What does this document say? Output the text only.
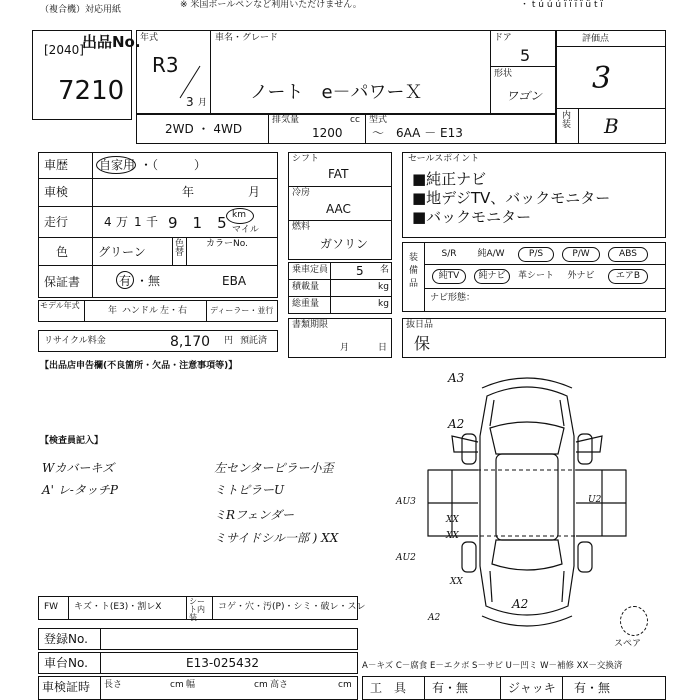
（複合機）対応用紙	※ 米国ボールペンなど利用いただけません。	・ t ú ú ú ï ï ï ï ü t ï
出品No.
[2040]
7210
年式
R3
3 月
車名・グレード
ノート　e－パワーＸ
ドア
5
形状
ワゴン
2WD ・ 4WD
排気量	cc
1200
型式
～ 6AA － E13
評価点
3
内装 B
車歴	自家用 ・（　　　）
車検	年	月
走行	4 万 1 千 9　1　5 km
マイル
色 グリーン
色替
カラーNo.
保証書	有 ・無	EBA
モデル年式
年 ハンドル 左・右	ディーラー・並行
リサイクル料金	8,170 円 預託済
シフト
FAT
冷房
AAC
燃料
ガソリン
乗車定員 5 名
積載量	kg
総重量	kg
書類期限
月	日
セールスポイント
■純正ナビ
■地デジTV、バックモニター
■バックモニター
装備品
S/R	純A/W	P/S	P/W	ABS
純TV	純ナビ	革シート	外ナビ	エアB
ナビ形態：
抜日品
保
【出品店申告欄(不良箇所・欠品・注意事項等)】
【検査員記入】
Wカバーキズ
A' レ-タッチP
左センターピラー小歪
ミトピラーU
ミRフェンダー
ミサイドシル一部 ) XX
A3
A2
AU3	U2
AU2
XX
A2
A2
XX
XX
スペア
FW キズ・ト(E3)・割レX
シート内装
コゲ・穴・汚(P)・シミ・破レ・スレ
登録No.
車台No.	E13-025432
車検証時 長さ	cm 幅	cm 高さ	cm
A－キズ C－腐食 E－エクボ S－サビ U－凹ミ W－補修 XX－交換済
工　具 有・無	ジャッキ 有・無
